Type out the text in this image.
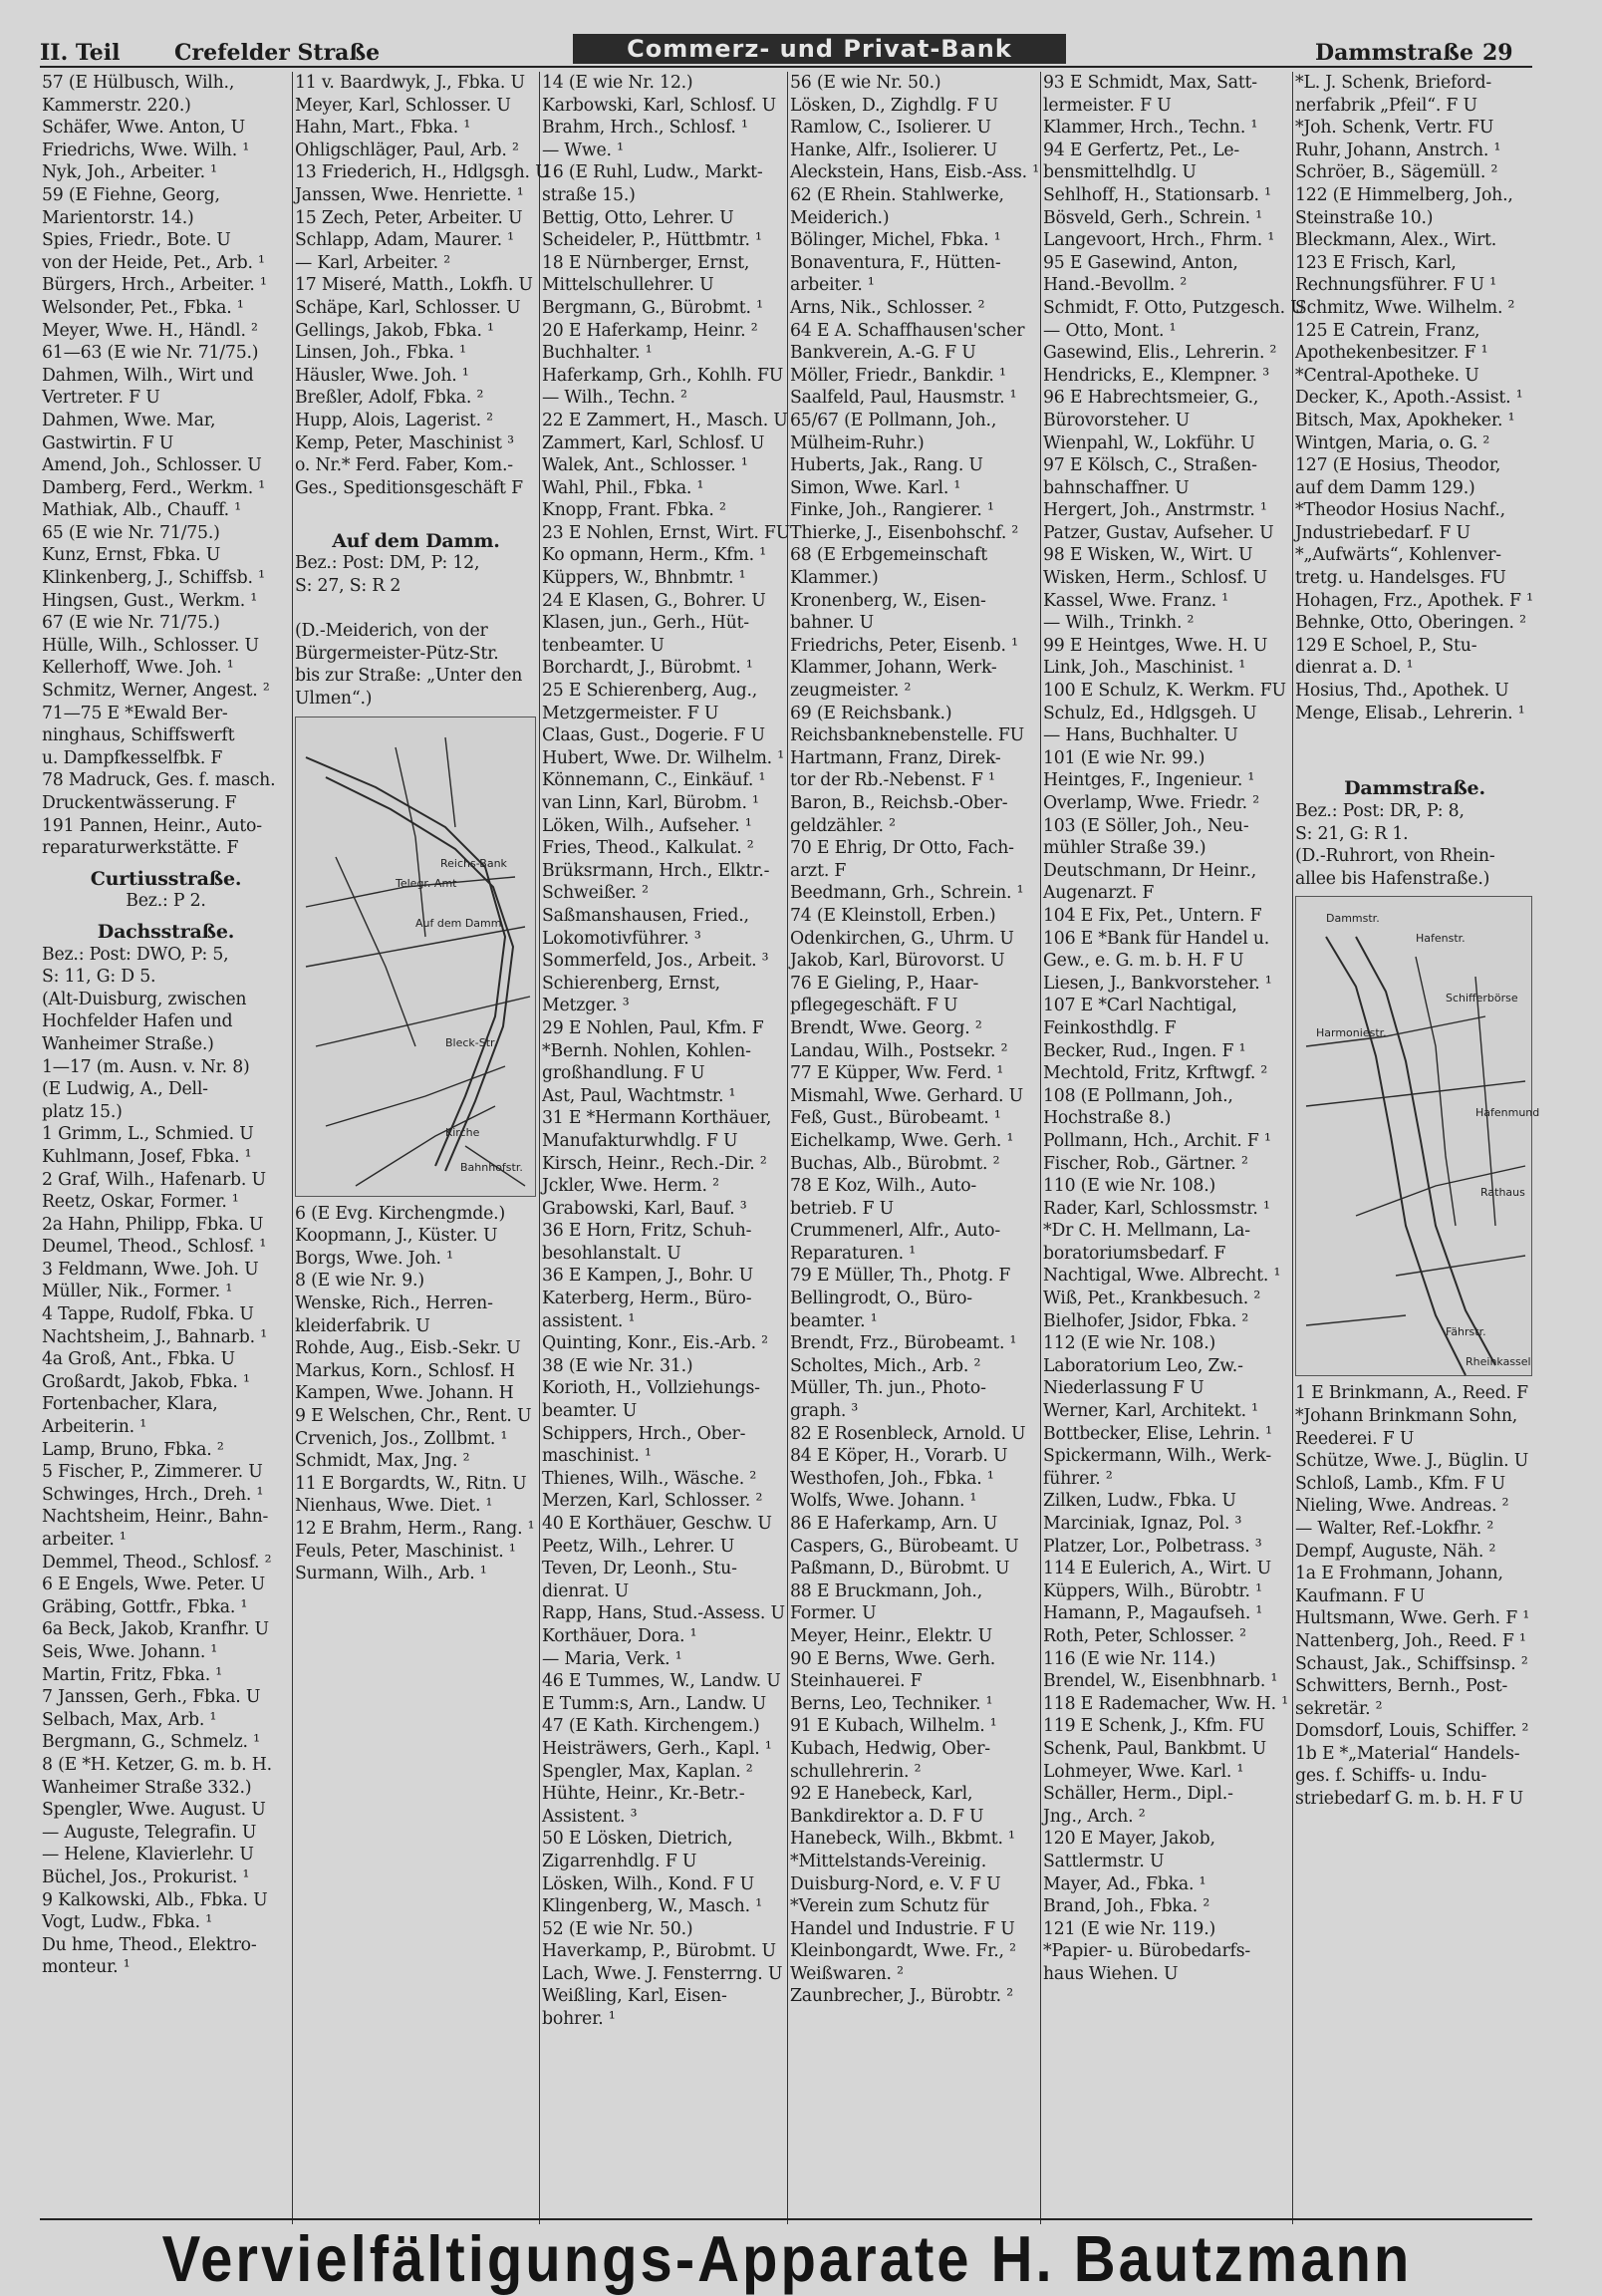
II. Teil Crefelder Straße	Commerz- und Privat-Bank	Dammstraße 29
57 (E Hülbusch, Wilh.,
Kammerstr. 220.)
Schäfer, Wwe. Anton, U
Friedrichs, Wwe. Wilh. ¹
Nyk, Joh., Arbeiter. ¹
59 (E Fiehne, Georg,
Marientorstr. 14.)
Spies, Friedr., Bote. U
von der Heide, Pet., Arb. ¹
Bürgers, Hrch., Arbeiter. ¹
Welsonder, Pet., Fbka. ¹
Meyer, Wwe. H., Händl. ²
61—63 (E wie Nr. 71/75.)
Dahmen, Wilh., Wirt und
Vertreter. F U
Dahmen, Wwe. Mar,
Gastwirtin. F U
Amend, Joh., Schlosser. U
Damberg, Ferd., Werkm. ¹
Mathiak, Alb., Chauff. ¹
65 (E wie Nr. 71/75.)
Kunz, Ernst, Fbka. U
Klinkenberg, J., Schiffsb. ¹
Hingsen, Gust., Werkm. ¹
67 (E wie Nr. 71/75.)
Hülle, Wilh., Schlosser. U
Kellerhoff, Wwe. Joh. ¹
Schmitz, Werner, Angest. ²
71—75 E *Ewald Ber-
ninghaus, Schiffswerft
u. Dampfkesselfbk. F
78 Madruck, Ges. f. masch.
Druckentwässerung. F
191 Pannen, Heinr., Auto-
reparaturwerkstätte. F
Curtiusstraße.
Bez.: P 2.
Dachsstraße.
Bez.: Post: DWO, P: 5,
S: 11, G: D 5.
(Alt-Duisburg, zwischen
Hochfelder Hafen und
Wanheimer Straße.)
1—17 (m. Ausn. v. Nr. 8)
(E Ludwig, A., Dell-
platz 15.)
1 Grimm, L., Schmied. U
Kuhlmann, Josef, Fbka. ¹
2 Graf, Wilh., Hafenarb. U
Reetz, Oskar, Former. ¹
2a Hahn, Philipp, Fbka. U
Deumel, Theod., Schlosf. ¹
3 Feldmann, Wwe. Joh. U
Müller, Nik., Former. ¹
4 Tappe, Rudolf, Fbka. U
Nachtsheim, J., Bahnarb. ¹
4a Groß, Ant., Fbka. U
Großardt, Jakob, Fbka. ¹
Fortenbacher, Klara,
Arbeiterin. ¹
Lamp, Bruno, Fbka. ²
5 Fischer, P., Zimmerer. U
Schwinges, Hrch., Dreh. ¹
Nachtsheim, Heinr., Bahn-
arbeiter. ¹
Demmel, Theod., Schlosf. ²
6 E Engels, Wwe. Peter. U
Gräbing, Gottfr., Fbka. ¹
6a Beck, Jakob, Kranfhr. U
Seis, Wwe. Johann. ¹
Martin, Fritz, Fbka. ¹
7 Janssen, Gerh., Fbka. U
Selbach, Max, Arb. ¹
Bergmann, G., Schmelz. ¹
8 (E *H. Ketzer, G. m. b. H.
Wanheimer Straße 332.)
Spengler, Wwe. August. U
— Auguste, Telegrafin. U
— Helene, Klavierlehr. U
Büchel, Jos., Prokurist. ¹
9 Kalkowski, Alb., Fbka. U
Vogt, Ludw., Fbka. ¹
Du hme, Theod., Elektro-
monteur. ¹
11 v. Baardwyk, J., Fbka. U
Meyer, Karl, Schlosser. U
Hahn, Mart., Fbka. ¹
Ohligschläger, Paul, Arb. ²
13 Friederich, H., Hdlgsgh. U
Janssen, Wwe. Henriette. ¹
15 Zech, Peter, Arbeiter. U
Schlapp, Adam, Maurer. ¹
— Karl, Arbeiter. ²
17 Miseré, Matth., Lokfh. U
Schäpe, Karl, Schlosser. U
Gellings, Jakob, Fbka. ¹
Linsen, Joh., Fbka. ¹
Häusler, Wwe. Joh. ¹
Breßler, Adolf, Fbka. ²
Hupp, Alois, Lagerist. ²
Kemp, Peter, Maschinist ³
o. Nr.* Ferd. Faber, Kom.-
Ges., Speditionsgeschäft F

Auf dem Damm.
Bez.: Post: DM, P: 12,
S: 27, S: R 2

(D.-Meiderich, von der
Bürgermeister-Pütz-Str.
bis zur Straße: „Unter den
Ulmen“.)
Auf dem Damm
Bleck-Str.
Kirche
Bahnhofstr.
Reichs-Bank
Telegr. Amt
6 (E Evg. Kirchengmde.)
Koopmann, J., Küster. U
Borgs, Wwe. Joh. ¹
8 (E wie Nr. 9.)
Wenske, Rich., Herren-
kleiderfabrik. U
Rohde, Aug., Eisb.-Sekr. U
Markus, Korn., Schlosf. H
Kampen, Wwe. Johann. H
9 E Welschen, Chr., Rent. U
Crvenich, Jos., Zollbmt. ¹
Schmidt, Max, Jng. ²
11 E Borgardts, W., Ritn. U
Nienhaus, Wwe. Diet. ¹
12 E Brahm, Herm., Rang. ¹
Feuls, Peter, Maschinist. ¹
Surmann, Wilh., Arb. ¹
14 (E wie Nr. 12.)
Karbowski, Karl, Schlosf. U
Brahm, Hrch., Schlosf. ¹
— Wwe. ¹
16 (E Ruhl, Ludw., Markt-
straße 15.)
Bettig, Otto, Lehrer. U
Scheideler, P., Hüttbmtr. ¹
18 E Nürnberger, Ernst,
Mittelschullehrer. U
Bergmann, G., Bürobmt. ¹
20 E Haferkamp, Heinr. ²
Buchhalter. ¹
Haferkamp, Grh., Kohlh. FU
— Wilh., Techn. ²
22 E Zammert, H., Masch. U
Zammert, Karl, Schlosf. U
Walek, Ant., Schlosser. ¹
Wahl, Phil., Fbka. ¹
Knopp, Frant. Fbka. ²
23 E Nohlen, Ernst, Wirt. FU
Ko opmann, Herm., Kfm. ¹
Küppers, W., Bhnbmtr. ¹
24 E Klasen, G., Bohrer. U
Klasen, jun., Gerh., Hüt-
tenbeamter. U
Borchardt, J., Bürobmt. ¹
25 E Schierenberg, Aug.,
Metzgermeister. F U
Claas, Gust., Dogerie. F U
Hubert, Wwe. Dr. Wilhelm. ¹
Könnemann, C., Einkäuf. ¹
van Linn, Karl, Bürobm. ¹
Löken, Wilh., Aufseher. ¹
Fries, Theod., Kalkulat. ²
Brüksrmann, Hrch., Elktr.-
Schweißer. ²
Saßmanshausen, Fried.,
Lokomotivführer. ³
Sommerfeld, Jos., Arbeit. ³
Schierenberg, Ernst,
Metzger. ³
29 E Nohlen, Paul, Kfm. F
*Bernh. Nohlen, Kohlen-
großhandlung. F U
Ast, Paul, Wachtmstr. ¹
31 E *Hermann Korthäuer,
Manufakturwhdlg. F U
Kirsch, Heinr., Rech.-Dir. ²
Jckler, Wwe. Herm. ²
Grabowski, Karl, Bauf. ³
36 E Horn, Fritz, Schuh-
besohlanstalt. U
36 E Kampen, J., Bohr. U
Katerberg, Herm., Büro-
assistent. ¹
Quinting, Konr., Eis.-Arb. ²
38 (E wie Nr. 31.)
Korioth, H., Vollziehungs-
beamter. U
Schippers, Hrch., Ober-
maschinist. ¹
Thienes, Wilh., Wäsche. ²
Merzen, Karl, Schlosser. ²
40 E Korthäuer, Geschw. U
Peetz, Wilh., Lehrer. U
Teven, Dr, Leonh., Stu-
dienrat. U
Rapp, Hans, Stud.-Assess. U
Korthäuer, Dora. ¹
— Maria, Verk. ¹
46 E Tummes, W., Landw. U
E Tumm:s, Arn., Landw. U
47 (E Kath. Kirchengem.)
Heisträwers, Gerh., Kapl. ¹
Spengler, Max, Kaplan. ²
Hühte, Heinr., Kr.-Betr.-
Assistent. ³
50 E Lösken, Dietrich,
Zigarrenhdlg. F U
Lösken, Wilh., Kond. F U
Klingenberg, W., Masch. ¹
52 (E wie Nr. 50.)
Haverkamp, P., Bürobmt. U
Lach, Wwe. J. Fensterrng. U
Weißling, Karl, Eisen-
bohrer. ¹
56 (E wie Nr. 50.)
Lösken, D., Zighdlg. F U
Ramlow, C., Isolierer. U
Hanke, Alfr., Isolierer. U
Aleckstein, Hans, Eisb.-Ass. ¹
62 (E Rhein. Stahlwerke,
Meiderich.)
Bölinger, Michel, Fbka. ¹
Bonaventura, F., Hütten-
arbeiter. ¹
Arns, Nik., Schlosser. ²
64 E A. Schaffhausen'scher
Bankverein, A.-G. F U
Möller, Friedr., Bankdir. ¹
Saalfeld, Paul, Hausmstr. ¹
65/67 (E Pollmann, Joh.,
Mülheim-Ruhr.)
Huberts, Jak., Rang. U
Simon, Wwe. Karl. ¹
Finke, Joh., Rangierer. ¹
Thierke, J., Eisenbohschf. ²
68 (E Erbgemeinschaft
Klammer.)
Kronenberg, W., Eisen-
bahner. U
Friedrichs, Peter, Eisenb. ¹
Klammer, Johann, Werk-
zeugmeister. ²
69 (E Reichsbank.)
Reichsbanknebenstelle. FU
Hartmann, Franz, Direk-
tor der Rb.-Nebenst. F ¹
Baron, B., Reichsb.-Ober-
geldzähler. ²
70 E Ehrig, Dr Otto, Fach-
arzt. F
Beedmann, Grh., Schrein. ¹
74 (E Kleinstoll, Erben.)
Odenkirchen, G., Uhrm. U
Jakob, Karl, Bürovorst. U
76 E Gieling, P., Haar-
pflegegeschäft. F U
Brendt, Wwe. Georg. ²
Landau, Wilh., Postsekr. ²
77 E Küpper, Ww. Ferd. ¹
Mismahl, Wwe. Gerhard. U
Feß, Gust., Bürobeamt. ¹
Eichelkamp, Wwe. Gerh. ¹
Buchas, Alb., Bürobmt. ²
78 E Koz, Wilh., Auto-
betrieb. F U
Crummenerl, Alfr., Auto-
Reparaturen. ¹
79 E Müller, Th., Photg. F
Bellingrodt, O., Büro-
beamter. ¹
Brendt, Frz., Bürobeamt. ¹
Scholtes, Mich., Arb. ²
Müller, Th. jun., Photo-
graph. ³
82 E Rosenbleck, Arnold. U
84 E Köper, H., Vorarb. U
Westhofen, Joh., Fbka. ¹
Wolfs, Wwe. Johann. ¹
86 E Haferkamp, Arn. U
Caspers, G., Bürobeamt. U
Paßmann, D., Bürobmt. U
88 E Bruckmann, Joh.,
Former. U
Meyer, Heinr., Elektr. U
90 E Berns, Wwe. Gerh.
Steinhauerei. F
Berns, Leo, Techniker. ¹
91 E Kubach, Wilhelm. ¹
Kubach, Hedwig, Ober-
schullehrerin. ²
92 E Hanebeck, Karl,
Bankdirektor a. D. F U
Hanebeck, Wilh., Bkbmt. ¹
*Mittelstands-Vereinig.
Duisburg-Nord, e. V. F U
*Verein zum Schutz für
Handel und Industrie. F U
Kleinbongardt, Wwe. Fr., ²
Weißwaren. ²
Zaunbrecher, J., Bürobtr. ²
93 E Schmidt, Max, Satt-
lermeister. F U
Klammer, Hrch., Techn. ¹
94 E Gerfertz, Pet., Le-
bensmittelhdlg. U
Sehlhoff, H., Stationsarb. ¹
Bösveld, Gerh., Schrein. ¹
Langevoort, Hrch., Fhrm. ¹
95 E Gasewind, Anton,
Hand.-Bevollm. ²
Schmidt, F. Otto, Putzgesch. U
— Otto, Mont. ¹
Gasewind, Elis., Lehrerin. ²
Hendricks, E., Klempner. ³
96 E Habrechtsmeier, G.,
Bürovorsteher. U
Wienpahl, W., Lokführ. U
97 E Kölsch, C., Straßen-
bahnschaffner. U
Hergert, Joh., Anstrmstr. ¹
Patzer, Gustav, Aufseher. U
98 E Wisken, W., Wirt. U
Wisken, Herm., Schlosf. U
Kassel, Wwe. Franz. ¹
— Wilh., Trinkh. ²
99 E Heintges, Wwe. H. U
Link, Joh., Maschinist. ¹
100 E Schulz, K. Werkm. FU
Schulz, Ed., Hdlgsgeh. U
— Hans, Buchhalter. U
101 (E wie Nr. 99.)
Heintges, F., Ingenieur. ¹
Overlamp, Wwe. Friedr. ²
103 (E Söller, Joh., Neu-
mühler Straße 39.)
Deutschmann, Dr Heinr.,
Augenarzt. F
104 E Fix, Pet., Untern. F
106 E *Bank für Handel u.
Gew., e. G. m. b. H. F U
Liesen, J., Bankvorsteher. ¹
107 E *Carl Nachtigal,
Feinkosthdlg. F
Becker, Rud., Ingen. F ¹
Mechtold, Fritz, Krftwgf. ²
108 (E Pollmann, Joh.,
Hochstraße 8.)
Pollmann, Hch., Archit. F ¹
Fischer, Rob., Gärtner. ²
110 (E wie Nr. 108.)
Rader, Karl, Schlossmstr. ¹
*Dr C. H. Mellmann, La-
boratoriumsbedarf. F
Nachtigal, Wwe. Albrecht. ¹
Wiß, Pet., Krankbesuch. ²
Bielhofer, Jsidor, Fbka. ²
112 (E wie Nr. 108.)
Laboratorium Leo, Zw.-
Niederlassung F U
Werner, Karl, Architekt. ¹
Bottbecker, Elise, Lehrin. ¹
Spickermann, Wilh., Werk-
führer. ²
Zilken, Ludw., Fbka. U
Marciniak, Ignaz, Pol. ³
Platzer, Lor., Polbetrass. ³
114 E Eulerich, A., Wirt. U
Küppers, Wilh., Bürobtr. ¹
Hamann, P., Magaufseh. ¹
Roth, Peter, Schlosser. ²
116 (E wie Nr. 114.)
Brendel, W., Eisenbhnarb. ¹
118 E Rademacher, Ww. H. ¹
119 E Schenk, J., Kfm. FU
Schenk, Paul, Bankbmt. U
Lohmeyer, Wwe. Karl. ¹
Schäller, Herm., Dipl.-
Jng., Arch. ²
120 E Mayer, Jakob,
Sattlermstr. U
Mayer, Ad., Fbka. ¹
Brand, Joh., Fbka. ²
121 (E wie Nr. 119.)
*Papier- u. Bürobedarfs-
haus Wiehen. U
*L. J. Schenk, Brieford-
nerfabrik „Pfeil“. F U
*Joh. Schenk, Vertr. FU
Ruhr, Johann, Anstrch. ¹
Schröer, B., Sägemüll. ²
122 (E Himmelberg, Joh.,
Steinstraße 10.)
Bleckmann, Alex., Wirt.
123 E Frisch, Karl,
Rechnungsführer. F U ¹
Schmitz, Wwe. Wilhelm. ²
125 E Catrein, Franz,
Apothekenbesitzer. F ¹
*Central-Apotheke. U
Decker, K., Apoth.-Assist. ¹
Bitsch, Max, Apokheker. ¹
Wintgen, Maria, o. G. ²
127 (E Hosius, Theodor,
auf dem Damm 129.)
*Theodor Hosius Nachf.,
Jndustriebedarf. F U
*„Aufwärts“, Kohlenver-
tretg. u. Handelsges. FU
Hohagen, Frz., Apothek. F ¹
Behnke, Otto, Oberingen. ²
129 E Schoel, P., Stu-
dienrat a. D. ¹
Hosius, Thd., Apothek. U
Menge, Elisab., Lehrerin. ¹

Dammstraße.
Bez.: Post: DR, P: 8,
S: 21, G: R 1.
(D.-Ruhrort, von Rhein-
allee bis Hafenstraße.)
Dammstr.
Hafenstr.
Schifferbörse
Harmoniestr.
Hafenmund
Rathaus
Fährstr.
Rheinkassel
1 E Brinkmann, A., Reed. F
*Johann Brinkmann Sohn,
Reederei. F U
Schütze, Wwe. J., Büglin. U
Schloß, Lamb., Kfm. F U
Nieling, Wwe. Andreas. ²
— Walter, Ref.-Lokfhr. ²
Dempf, Auguste, Näh. ²
1a E Frohmann, Johann,
Kaufmann. F U
Hultsmann, Wwe. Gerh. F ¹
Nattenberg, Joh., Reed. F ¹
Schaust, Jak., Schiffsinsp. ²
Schwitters, Bernh., Post-
sekretär. ²
Domsdorf, Louis, Schiffer. ²
1b E *„Material“ Handels-
ges. f. Schiffs- u. Indu-
striebedarf G. m. b. H. F U
Vervielfältigungs-Apparate H. Bautzmann
